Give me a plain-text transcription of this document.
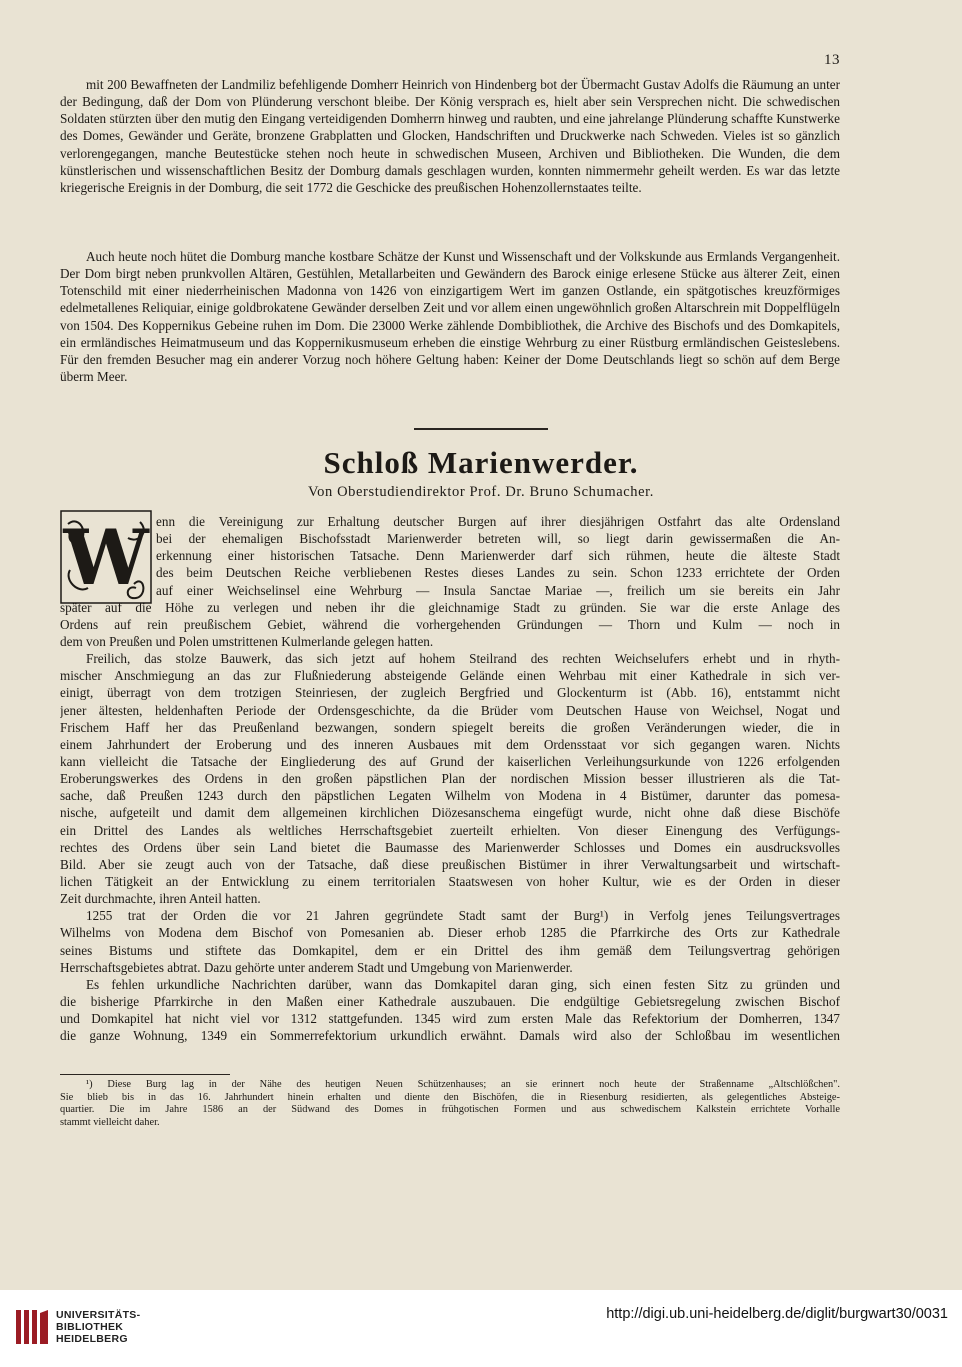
13
mit 200 Bewaffneten der Landmiliz befehligende Domherr Heinrich von Hindenberg bot der Übermacht Gustav Adolfs die Räumung an unter der Bedingung, daß der Dom von Plünderung verschont bleibe. Der König versprach es, hielt aber sein Versprechen nicht. Die schwedischen Soldaten stürzten über den mutig den Eingang verteidigenden Domherrn hinweg und raubten, und eine jahrelange Plünderung schaffte Kunstwerke des Domes, Gewänder und Geräte, bronzene Grabplatten und Glocken, Handschriften und Druckwerke nach Schweden. Vieles ist so gänzlich verlorengegangen, manche Beutestücke stehen noch heute in schwedischen Museen, Archiven und Bibliotheken. Die Wunden, die dem künstlerischen und wissenschaftlichen Besitz der Domburg damals geschlagen wurden, konnten nimmermehr geheilt werden. Es war das letzte kriegerische Ereignis in der Domburg, die seit 1772 die Geschicke des preußischen Hohenzollernstaates teilte.
Auch heute noch hütet die Domburg manche kostbare Schätze der Kunst und Wissenschaft und der Volkskunde aus Ermlands Vergangenheit. Der Dom birgt neben prunkvollen Altären, Gestühlen, Metallarbeiten und Gewändern des Barock einige erlesene Stücke aus älterer Zeit, einen Totenschild mit einer niederrheinischen Madonna von 1426 von einzigartigem Wert im ganzen Ostlande, ein spätgotisches kreuzförmiges edelmetallenes Reliquiar, einige goldbrokatene Gewänder derselben Zeit und vor allem einen ungewöhnlich großen Altarschrein mit Doppelflügeln von 1504. Des Koppernikus Gebeine ruhen im Dom. Die 23000 Werke zählende Dombibliothek, die Archive des Bischofs und des Domkapitels, ein ermländisches Heimatmuseum und das Koppernikusmuseum erheben die einstige Wehrburg zu einer Rüstburg ermländischen Geisteslebens. Für den fremden Besucher mag ein anderer Vorzug noch höhere Geltung haben: Keiner der Dome Deutschlands liegt so schön auf dem Berge überm Meer.
Schloß Marienwerder.
Von Oberstudiendirektor Prof. Dr. Bruno Schumacher.
W enn die Vereinigung zur Erhaltung deutscher Burgen auf ihrer diesjährigen Ostfahrt das alte Ordensland
bei der ehemaligen Bischofsstadt Marienwerder betreten will, so liegt darin gewissermaßen die An-
erkennung einer historischen Tatsache. Denn Marienwerder darf sich rühmen, heute die älteste Stadt
des beim Deutschen Reiche verbliebenen Restes dieses Landes zu sein. Schon 1233 errichtete der Orden
auf einer Weichselinsel eine Wehrburg — Insula Sanctae Mariae —, freilich um sie bereits ein Jahr
später auf die Höhe zu verlegen und neben ihr die gleichnamige Stadt zu gründen. Sie war die erste Anlage des
Ordens auf rein preußischem Gebiet, während die vorhergehenden Gründungen — Thorn und Kulm — noch in
dem von Preußen und Polen umstrittenen Kulmerlande gelegen hatten.
Freilich, das stolze Bauwerk, das sich jetzt auf hohem Steilrand des rechten Weichselufers erhebt und in rhyth-
mischer Anschmiegung an das zur Flußniederung absteigende Gelände einen Wehrbau mit einer Kathedrale in sich ver-
einigt, überragt von dem trotzigen Steinriesen, der zugleich Bergfried und Glockenturm ist (Abb. 16), entstammt nicht
jener ältesten, heldenhaften Periode der Ordensgeschichte, da die Brüder vom Deutschen Hause von Weichsel, Nogat und
Frischem Haff her das Preußenland bezwangen, sondern spiegelt bereits die großen Veränderungen wieder, die in
einem Jahrhundert der Eroberung und des inneren Ausbaues mit dem Ordensstaat vor sich gegangen waren. Nichts
kann vielleicht die Tatsache der Eingliederung des auf Grund der kaiserlichen Verleihungsurkunde von 1226 erfolgenden
Eroberungswerkes des Ordens in den großen päpstlichen Plan der nordischen Mission besser illustrieren als die Tat-
sache, daß Preußen 1243 durch den päpstlichen Legaten Wilhelm von Modena in 4 Bistümer, darunter das pomesa-
nische, aufgeteilt und damit dem allgemeinen kirchlichen Diözesanschema eingefügt wurde, nicht ohne daß diese Bischöfe
ein Drittel des Landes als weltliches Herrschaftsgebiet zuerteilt erhielten. Von dieser Einengung des Verfügungs-
rechtes des Ordens über sein Land bietet die Baumasse des Marienwerder Schlosses und Domes ein ausdrucksvolles
Bild. Aber sie zeugt auch von der Tatsache, daß diese preußischen Bistümer in ihrer Verwaltungsarbeit und wirtschaft-
lichen Tätigkeit an der Entwicklung zu einem territorialen Staatswesen von hoher Kultur, wie es der Orden in dieser
Zeit durchmachte, ihren Anteil hatten.
1255 trat der Orden die vor 21 Jahren gegründete Stadt samt der Burg¹) in Verfolg jenes Teilungsvertrages
Wilhelms von Modena dem Bischof von Pomesanien ab. Dieser erhob 1285 die Pfarrkirche des Orts zur Kathedrale
seines Bistums und stiftete das Domkapitel, dem er ein Drittel des ihm gemäß dem Teilungsvertrag gehörigen
Herrschaftsgebietes abtrat. Dazu gehörte unter anderem Stadt und Umgebung von Marienwerder.
Es fehlen urkundliche Nachrichten darüber, wann das Domkapitel daran ging, sich einen festen Sitz zu gründen und
die bisherige Pfarrkirche in den Maßen einer Kathedrale auszubauen. Die endgültige Gebietsregelung zwischen Bischof
und Domkapitel hat nicht viel vor 1312 stattgefunden. 1345 wird zum ersten Male das Refektorium der Domherren, 1347
die ganze Wohnung, 1349 ein Sommerrefektorium urkundlich erwähnt. Damals wird also der Schloßbau im wesentlichen
¹) Diese Burg lag in der Nähe des heutigen Neuen Schützenhauses; an sie erinnert noch heute der Straßenname „Altschlößchen".
Sie blieb bis in das 16. Jahrhundert hinein erhalten und diente den Bischöfen, die in Riesenburg residierten, als gelegentliches Absteige-
quartier. Die im Jahre 1586 an der Südwand des Domes in frühgotischen Formen und aus schwedischem Kalkstein errichtete Vorhalle
stammt vielleicht daher.
UNIVERSITÄTS-
BIBLIOTHEK
HEIDELBERG
http://digi.ub.uni-heidelberg.de/diglit/burgwart30/0031
